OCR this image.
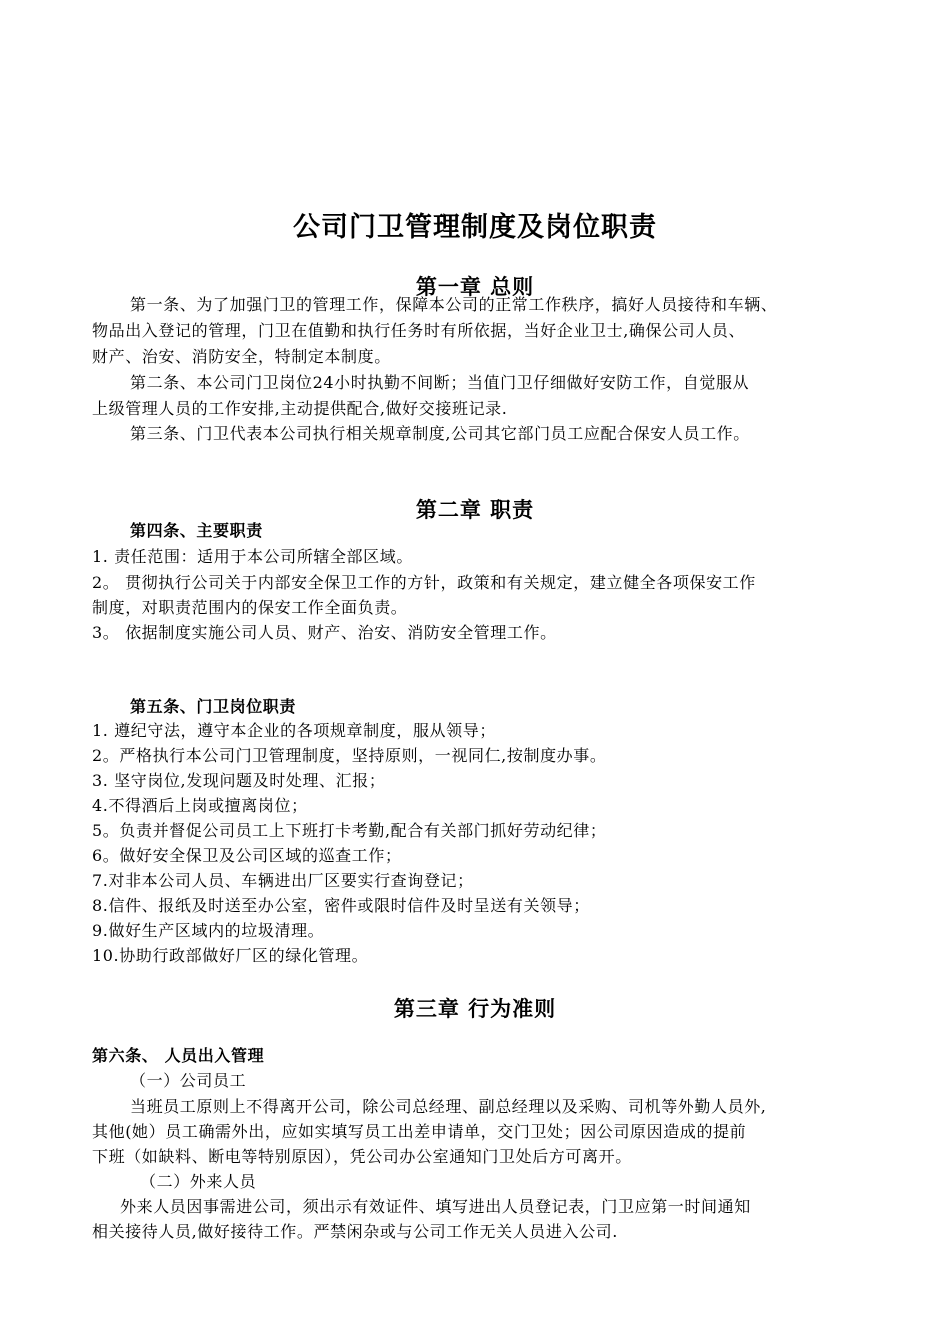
公司门卫管理制度及岗位职责
第一章 总则
第一条、为了加强门卫的管理工作，保障本公司的正常工作秩序，搞好人员接待和车辆、
物品出入登记的管理，门卫在值勤和执行任务时有所依据，当好企业卫士,确保公司人员、
财产、治安、消防安全，特制定本制度。
第二条、本公司门卫岗位24小时执勤不间断；当值门卫仔细做好安防工作，自觉服从
上级管理人员的工作安排,主动提供配合,做好交接班记录.
第三条、门卫代表本公司执行相关规章制度,公司其它部门员工应配合保安人员工作。
第二章 职责
第四条、主要职责
1. 责任范围：适用于本公司所辖全部区域。
2。 贯彻执行公司关于内部安全保卫工作的方针，政策和有关规定，建立健全各项保安工作
制度，对职责范围内的保安工作全面负责。
3。 依据制度实施公司人员、财产、治安、消防安全管理工作。
第五条、门卫岗位职责
1. 遵纪守法，遵守本企业的各项规章制度，服从领导；
2。严格执行本公司门卫管理制度，坚持原则，一视同仁,按制度办事。
3. 坚守岗位,发现问题及时处理、汇报；
4.不得酒后上岗或擅离岗位；
5。负责并督促公司员工上下班打卡考勤,配合有关部门抓好劳动纪律；
6。做好安全保卫及公司区域的巡查工作；
7.对非本公司人员、车辆进出厂区要实行查询登记；
8.信件、报纸及时送至办公室，密件或限时信件及时呈送有关领导；
9.做好生产区域内的垃圾清理。
10.协助行政部做好厂区的绿化管理。
第三章 行为准则
第六条、 人员出入管理
（一）公司员工
当班员工原则上不得离开公司，除公司总经理、副总经理以及采购、司机等外勤人员外,
其他(她）员工确需外出，应如实填写员工出差申请单，交门卫处；因公司原因造成的提前
下班（如缺料、断电等特别原因），凭公司办公室通知门卫处后方可离开。
（二）外来人员
外来人员因事需进公司，须出示有效证件、填写进出人员登记表，门卫应第一时间通知
相关接待人员,做好接待工作。严禁闲杂或与公司工作无关人员进入公司.
